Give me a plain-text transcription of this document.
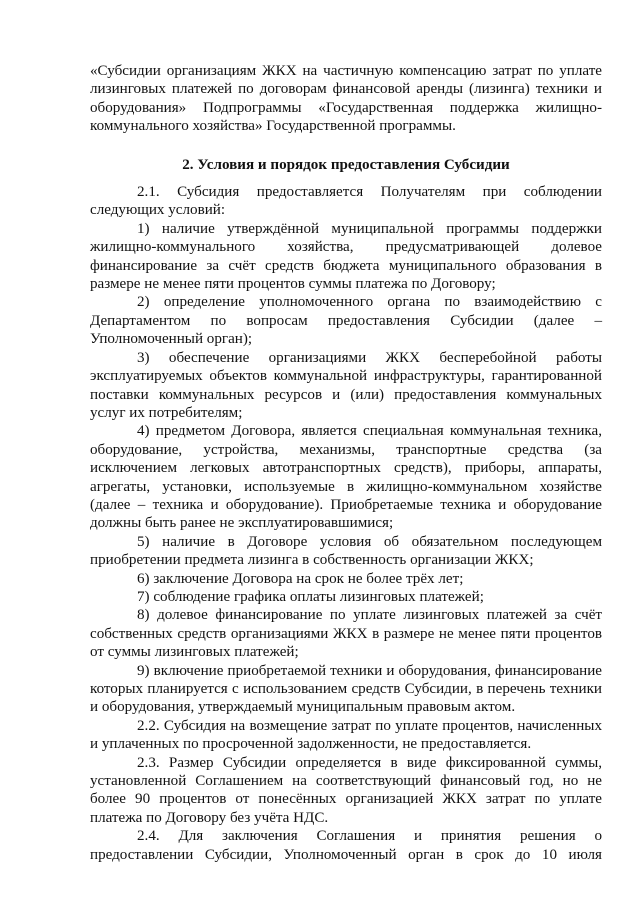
«Субсидии организациям ЖКХ на частичную компенсацию затрат по уплате лизинговых платежей по договорам финансовой аренды (лизинга) техники и оборудования» Подпрограммы «Государственная поддержка жилищно-коммунального хозяйства» Государственной программы.

2. Условия и порядок предоставления Субсидии

2.1. Субсидия предоставляется Получателям при соблюдении следующих условий:

1) наличие утверждённой муниципальной программы поддержки жилищно-коммунального хозяйства, предусматривающей долевое финансирование за счёт средств бюджета муниципального образования в размере не менее пяти процентов суммы платежа по Договору;

2) определение уполномоченного органа по взаимодействию с Департаментом по вопросам предоставления Субсидии (далее – Уполномоченный орган);

3) обеспечение организациями ЖКХ бесперебойной работы эксплуатируемых объектов коммунальной инфраструктуры, гарантированной поставки коммунальных ресурсов и (или) предоставления коммунальных услуг их потребителям;

4) предметом Договора, является специальная коммунальная техника, оборудование, устройства, механизмы, транспортные средства (за исключением легковых автотранспортных средств), приборы, аппараты, агрегаты, установки, используемые в жилищно-коммунальном хозяйстве (далее – техника и оборудование). Приобретаемые техника и оборудование должны быть ранее не эксплуатировавшимися;

5) наличие в Договоре условия об обязательном последующем приобретении предмета лизинга в собственность организации ЖКХ;

6) заключение Договора на срок не более трёх лет;

7) соблюдение графика оплаты лизинговых платежей;

8) долевое финансирование по уплате лизинговых платежей за счёт собственных средств организациями ЖКХ в размере не менее пяти процентов от суммы лизинговых платежей;

9) включение приобретаемой техники и оборудования, финансирование которых планируется с использованием средств Субсидии, в перечень техники и оборудования, утверждаемый муниципальным правовым актом.

2.2. Субсидия на возмещение затрат по уплате процентов, начисленных и уплаченных по просроченной задолженности, не предоставляется.

2.3. Размер Субсидии определяется в виде фиксированной суммы, установленной Соглашением на соответствующий финансовый год, но не более 90 процентов от понесённых организацией ЖКХ затрат по уплате платежа по Договору без учёта НДС.

2.4. Для заключения Соглашения и принятия решения о предоставлении Субсидии, Уполномоченный орган в срок до 10 июля
